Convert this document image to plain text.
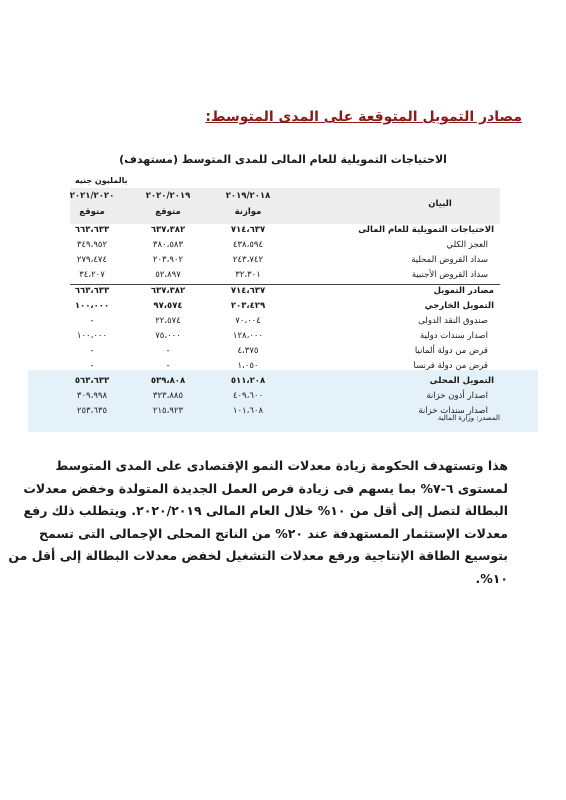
مصادر التمويل المتوقعة على المدى المتوسط:
الاحتياجات التمويلية للعام المالى للمدى المتوسط (مستهدف)
بالمليون جنيه
البيان
٢٠١٩/٢٠١٨
موازنة
٢٠٢٠/٢٠١٩
متوقع
٢٠٢١/٢٠٢٠
متوقع
الاحتياجات التمويلية للعام المالى
٧١٤،٦٣٧
٦٣٧،٣٨٢
٦٦٣،٦٣٣
العجز الكلي
٤٣٨،٥٩٤
٣٨٠،٥٨٣
٣٤٩،٩٥٢
سداد القروض المحلية
٢٤٣،٧٤٢
٢٠٣،٩٠٢
٢٧٩،٤٧٤
سداد القروض الأجنبية
٣٢،٣٠١
٥٢،٨٩٧
٣٤،٢٠٧
مصادر التمويل
٧١٤،٦٣٧
٦٣٧،٣٨٢
٦٦٣،٦٣٣
التمويل الخارجي
٢٠٣،٤٢٩
٩٧،٥٧٤
١٠٠،٠٠٠
صندوق النقد الدولى
٧٠،٠٠٤
٢٢،٥٧٤
-
اصدار سندات دولية
١٢٨،٠٠٠
٧٥،٠٠٠
١٠٠،٠٠٠
قرض من دولة ألمانيا
٤،٣٧٥
-
-
قرض من دولة فرنسا
١،٠٥٠
-
-
التمويل المحلى
٥١١،٢٠٨
٥٣٩،٨٠٨
٥٦٣،٦٣٣
اصدار أذون خزانة
٤٠٩،٦٠٠
٣٢٣،٨٨٥
٣٠٩،٩٩٨
اصدار سندات خزانة
١٠١،٦٠٨
٢١٥،٩٢٣
٢٥٣،٦٣٥
المصدر: وزارة المالية
هذا وتستهدف الحكومة زيادة معدلات النمو الإقتصادى على المدى المتوسط
لمستوى ٦-٧% بما يسهم فى زيادة فرص العمل الجديدة المتولدة وخفض معدلات
البطالة لتصل إلى أقل من ١٠% خلال العام المالى ٢٠٢٠/٢٠١٩. ويتطلب ذلك رفع
معدلات الإستثمار المستهدفة عند ٢٠% من الناتج المحلى الإجمالى التى تسمح
بتوسيع الطاقة الإنتاجية ورفع معدلات التشغيل لخفض معدلات البطالة إلى أقل من
١٠%.
